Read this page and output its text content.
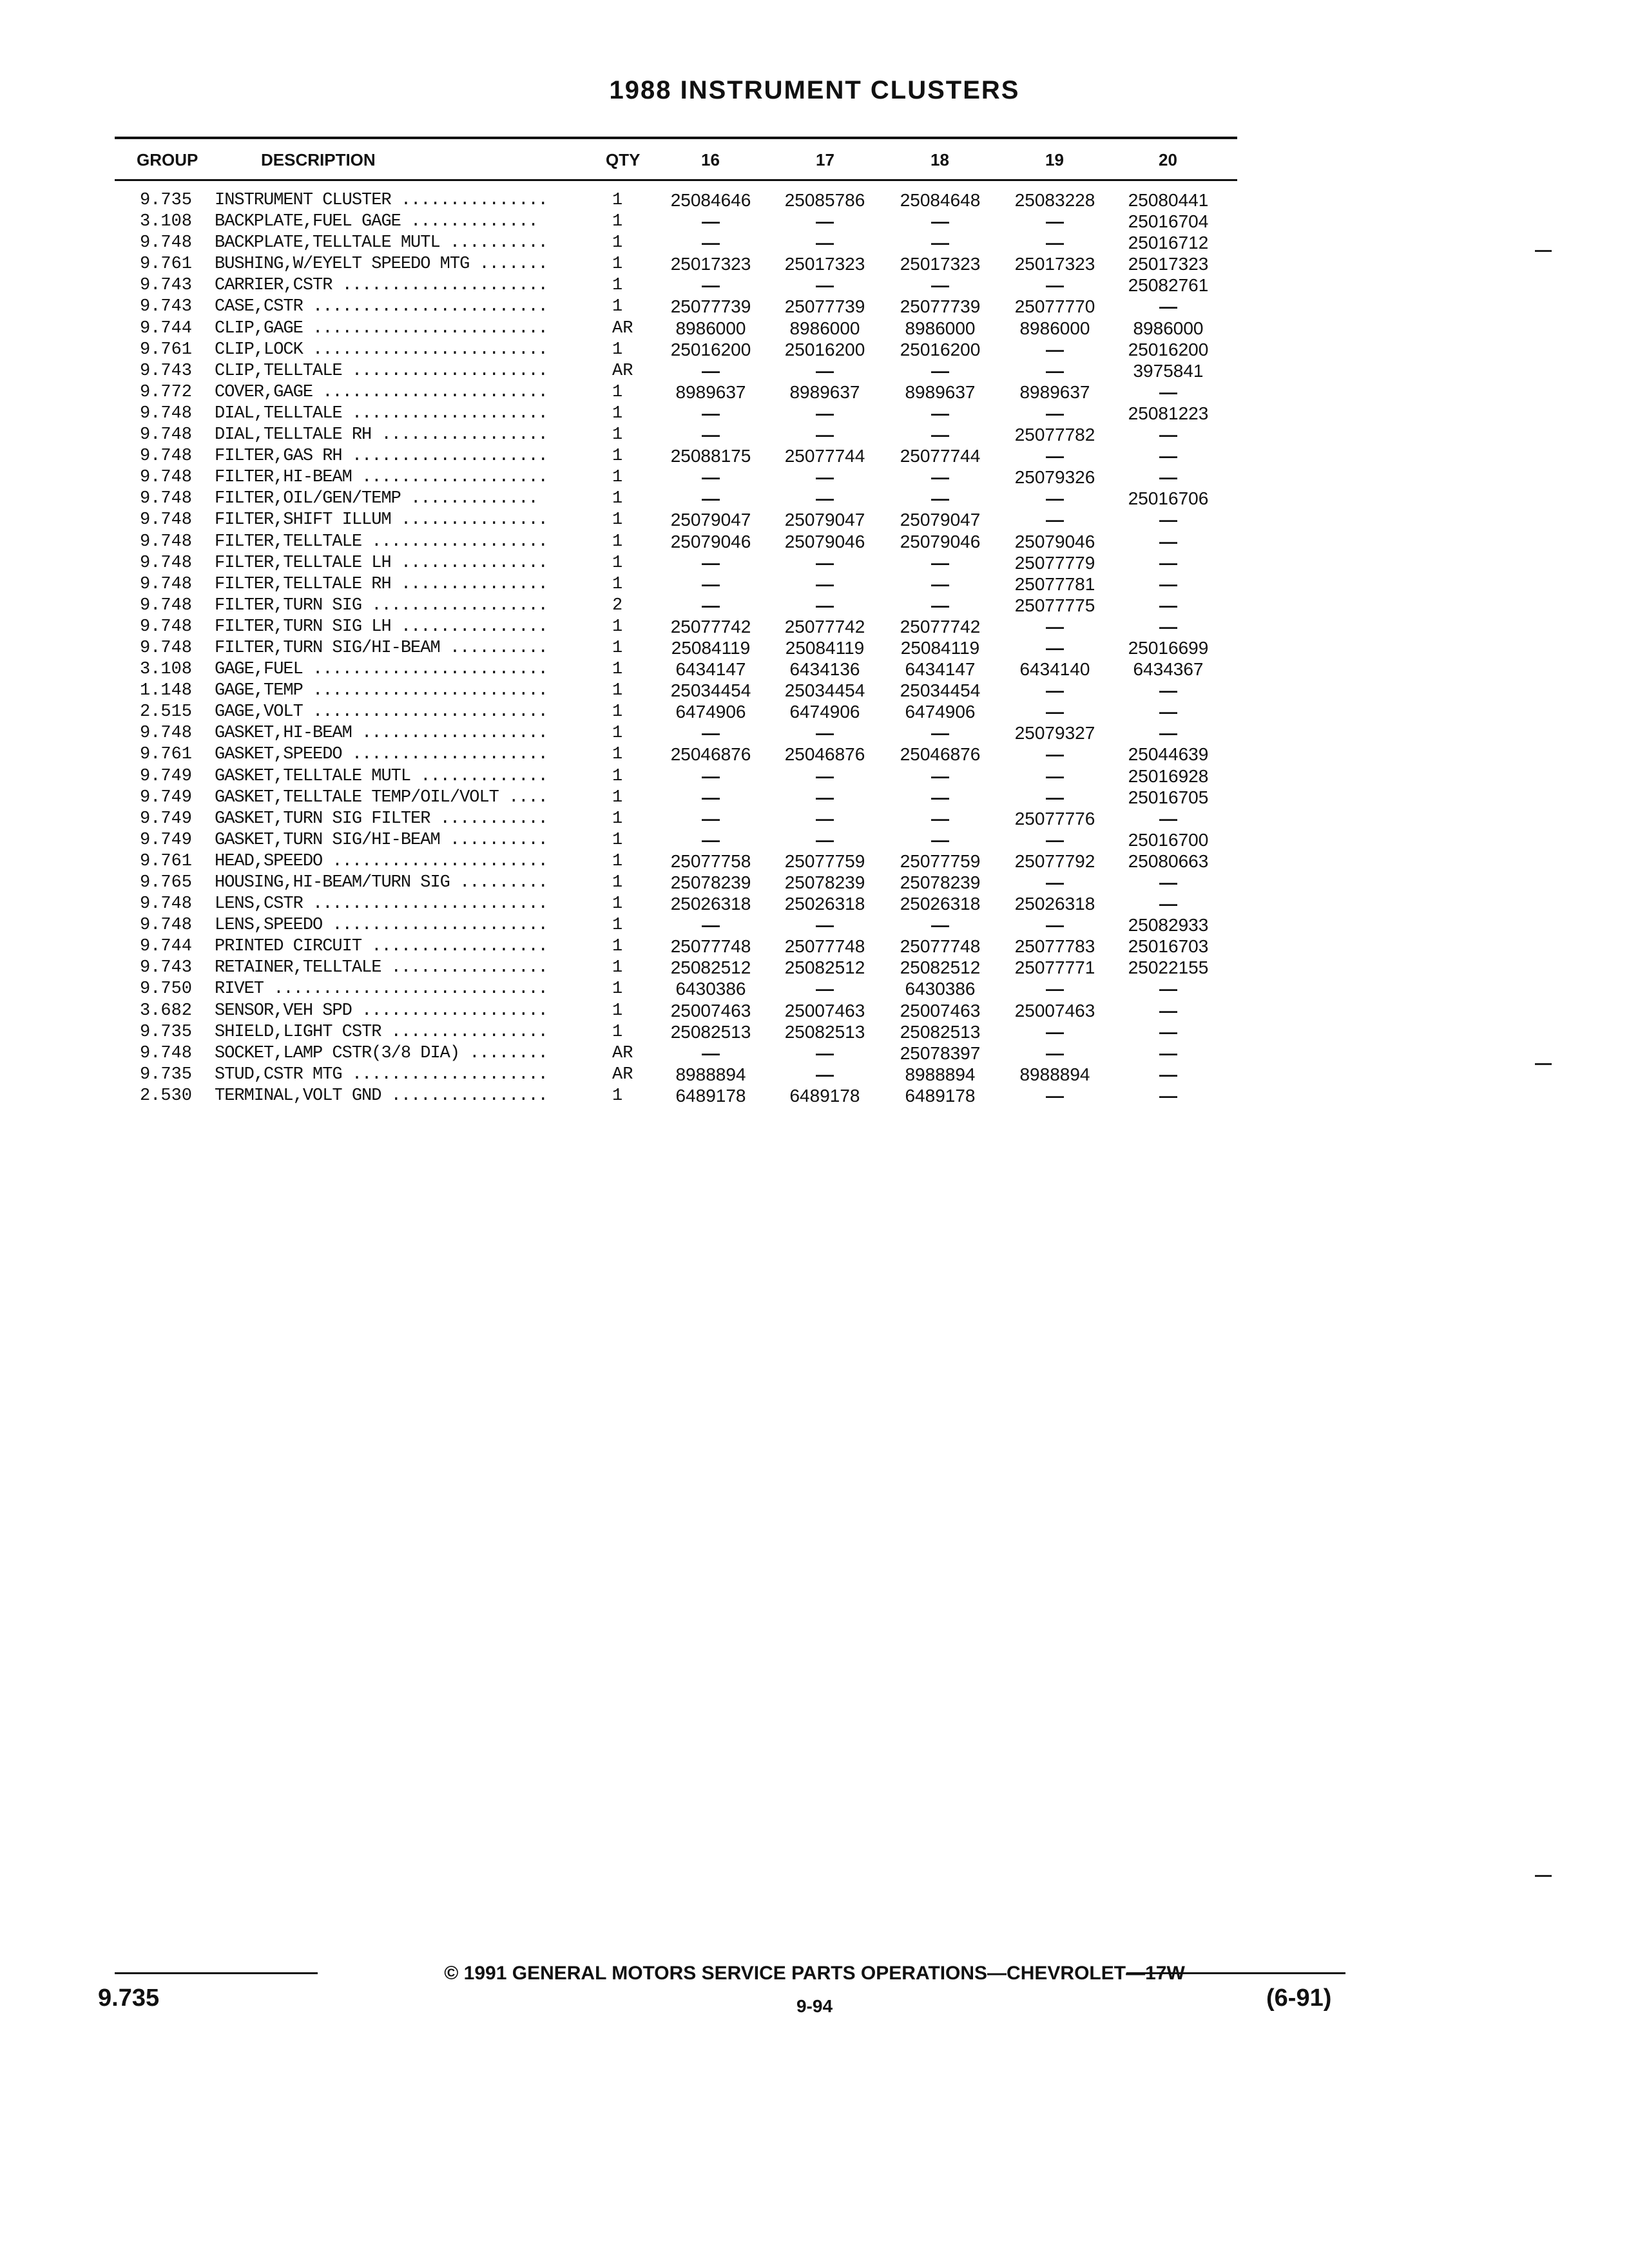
1988 INSTRUMENT CLUSTERS
GROUP	DESCRIPTION	QTY	16	17	18	19	20
9.735 INSTRUMENT CLUSTER ...............	1	25084646	25085786	25084648	25083228	25080441
3.108 BACKPLATE,FUEL GAGE .............	1	—	—	—	—	25016704
9.748 BACKPLATE,TELLTALE MUTL ..........	1	—	—	—	—	25016712
9.761 BUSHING,W/EYELT SPEEDO MTG .......	1	25017323	25017323	25017323	25017323	25017323
9.743 CARRIER,CSTR .....................	1	—	—	—	—	25082761
9.743 CASE,CSTR ........................	1	25077739	25077739	25077739	25077770	—
9.744 CLIP,GAGE ........................	AR	8986000	8986000	8986000	8986000	8986000
9.761 CLIP,LOCK ........................	1	25016200	25016200	25016200	—	25016200
9.743 CLIP,TELLTALE ....................	AR	—	—	—	—	3975841
9.772 COVER,GAGE .......................	1	8989637	8989637	8989637	8989637	—
9.748 DIAL,TELLTALE ....................	1	—	—	—	—	25081223
9.748 DIAL,TELLTALE RH .................	1	—	—	—	25077782	—
9.748 FILTER,GAS RH ....................	1	25088175	25077744	25077744	—	—
9.748 FILTER,HI-BEAM ...................	1	—	—	—	25079326	—
9.748 FILTER,OIL/GEN/TEMP .............	1	—	—	—	—	25016706
9.748 FILTER,SHIFT ILLUM ...............	1	25079047	25079047	25079047	—	—
9.748 FILTER,TELLTALE ..................	1	25079046	25079046	25079046	25079046	—
9.748 FILTER,TELLTALE LH ...............	1	—	—	—	25077779	—
9.748 FILTER,TELLTALE RH ...............	1	—	—	—	25077781	—
9.748 FILTER,TURN SIG ..................	2	—	—	—	25077775	—
9.748 FILTER,TURN SIG LH ...............	1	25077742	25077742	25077742	—	—
9.748 FILTER,TURN SIG/HI-BEAM ..........	1	25084119	25084119	25084119	—	25016699
3.108 GAGE,FUEL ........................	1	6434147	6434136	6434147	6434140	6434367
1.148 GAGE,TEMP ........................	1	25034454	25034454	25034454	—	—
2.515 GAGE,VOLT ........................	1	6474906	6474906	6474906	—	—
9.748 GASKET,HI-BEAM ...................	1	—	—	—	25079327	—
9.761 GASKET,SPEEDO ....................	1	25046876	25046876	25046876	—	25044639
9.749 GASKET,TELLTALE MUTL .............	1	—	—	—	—	25016928
9.749 GASKET,TELLTALE TEMP/OIL/VOLT ....	1	—	—	—	—	25016705
9.749 GASKET,TURN SIG FILTER ...........	1	—	—	—	25077776	—
9.749 GASKET,TURN SIG/HI-BEAM ..........	1	—	—	—	—	25016700
9.761 HEAD,SPEEDO ......................	1	25077758	25077759	25077759	25077792	25080663
9.765 HOUSING,HI-BEAM/TURN SIG .........	1	25078239	25078239	25078239	—	—
9.748 LENS,CSTR ........................	1	25026318	25026318	25026318	25026318	—
9.748 LENS,SPEEDO ......................	1	—	—	—	—	25082933
9.744 PRINTED CIRCUIT ..................	1	25077748	25077748	25077748	25077783	25016703
9.743 RETAINER,TELLTALE ................	1	25082512	25082512	25082512	25077771	25022155
9.750 RIVET ............................	1	6430386	—	6430386	—	—
3.682 SENSOR,VEH SPD ...................	1	25007463	25007463	25007463	25007463	—
9.735 SHIELD,LIGHT CSTR ................	1	25082513	25082513	25082513	—	—
9.748 SOCKET,LAMP CSTR(3/8 DIA) ........	AR	—	—	25078397	—	—
9.735 STUD,CSTR MTG ....................	AR	8988894	—	8988894	8988894	—
2.530 TERMINAL,VOLT GND ................	1	6489178	6489178	6489178	—	—
© 1991 GENERAL MOTORS SERVICE PARTS OPERATIONS—CHEVROLET—17W
9-94
9.735	(6-91)
